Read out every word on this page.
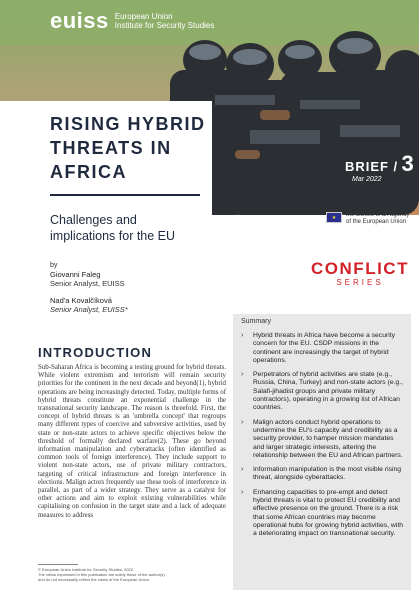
euiss European Union
Institute for Security Studies
RISING HYBRID
THREATS IN
AFRICA	BRIEF / 3
Mar 2022
Challenges and
implications for the EU
★	the EUISS is an agency
of the European Union
CONFLICT
SERIES
by
Giovanni Faleg
Senior Analyst, EUISS
Nad'a Kovalčíková
Senior Analyst, EUISS*
INTRODUCTION

Sub-Saharan Africa is becoming a testing ground for hybrid threats. While violent extremism and terrorism will remain security priorities for the continent in the next decade and beyond(1), hybrid operations are being increasingly detected. Today, multiple forms of hybrid threats constitute an exponential challenge in the transnational security landscape. The reason is threefold. First, the concept of hybrid threats is an 'umbrella concept' that regroups many different types of coercive and subversive activities, used by state or non-state actors to achieve specific objectives below the threshold of formally declared warfare(2). These go beyond information manipulation and cyberattacks (often identified as common tools of foreign interference). They include support to violent non-state actors, use of private military contractors, targeting of critical infrastructure and foreign interference in elections. Malign actors frequently use these tools of interference in parallel, as part of a wider strategy. They serve as a catalyst for other actions and aim to exploit existing vulnerabilities while capitalising on confusion in the target state and a lack of adequate measures to address

© European Union Institute for Security Studies, 2022.
The views expressed in this publication are solely those of the author(s)
and do not necessarily reflect the views of the European Union.
Summary
› Hybrid threats in Africa have become a security concern for the EU. CSDP missions in the continent are increasingly the target of hybrid operations.
› Perpetrators of hybrid activities are state (e.g., Russia, China, Turkey) and non-state actors (e.g., Salafi-jihadist groups and private military contractors), operating in a growing list of African countries.
› Malign actors conduct hybrid operations to undermine the EU's capacity and credibility as a security provider, to hamper mission mandates and larger strategic interests, altering the relationship between the EU and African partners.
› Information manipulation is the most visible rising threat, alongside cyberattacks.
› Enhancing capacities to pre-empt and detect hybrid threats is vital to protect EU credibility and effective presence on the ground. There is a risk that some African countries may become operational hubs for growing hybrid activities, with a deteriorating impact on transnational security.
